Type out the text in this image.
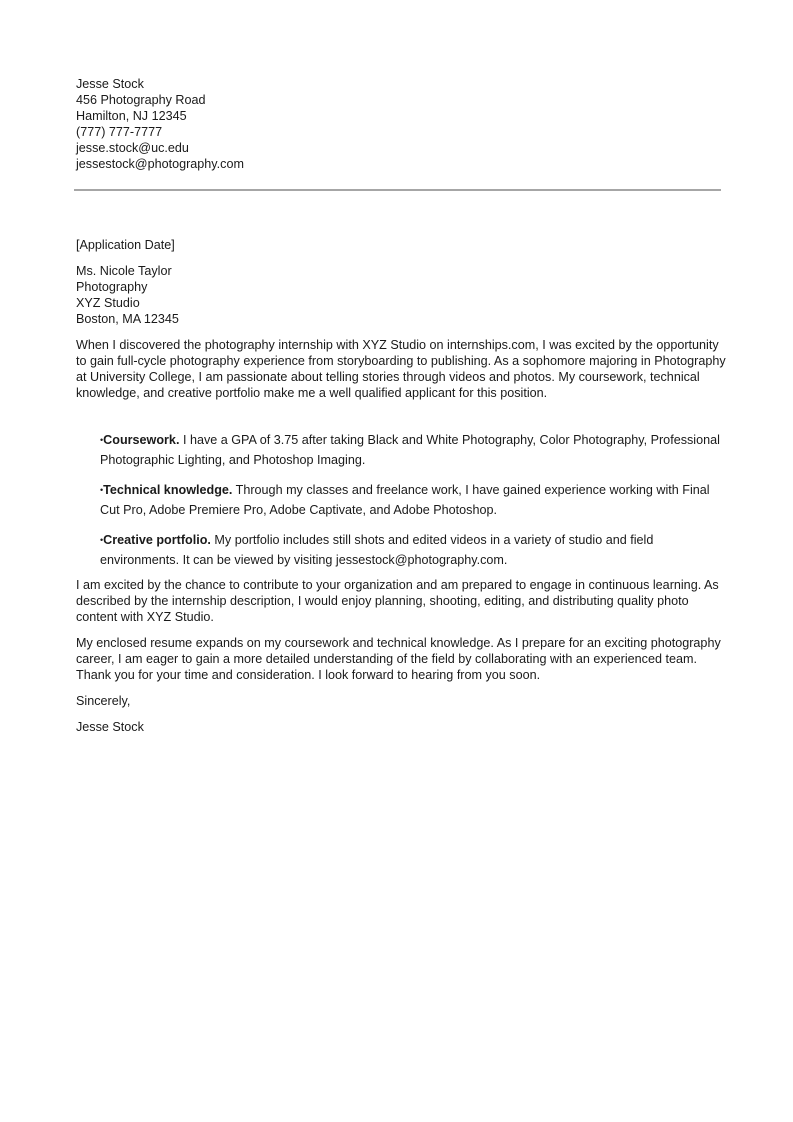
Jesse Stock
456 Photography Road
Hamilton, NJ 12345
(777) 777-7777
jesse.stock@uc.edu
jessestock@photography.com
[Application Date]
Ms. Nicole Taylor
Photography
XYZ Studio
Boston, MA 12345

When I discovered the photography internship with XYZ Studio on internships.com, I was excited by the opportunity to gain full-cycle photography experience from storyboarding to publishing. As a sophomore majoring in Photography at University College, I am passionate about telling stories through videos and photos. My coursework, technical knowledge, and creative portfolio make me a well qualified applicant for this position.

•Coursework. I have a GPA of 3.75 after taking Black and White Photography, Color Photography, Professional Photographic Lighting, and Photoshop Imaging.
•Technical knowledge. Through my classes and freelance work, I have gained experience working with Final Cut Pro, Adobe Premiere Pro, Adobe Captivate, and Adobe Photoshop.
•Creative portfolio. My portfolio includes still shots and edited videos in a variety of studio and field environments. It can be viewed by visiting jessestock@photography.com.

I am excited by the chance to contribute to your organization and am prepared to engage in continuous learning. As described by the internship description, I would enjoy planning, shooting, editing, and distributing quality photo content with XYZ Studio.

My enclosed resume expands on my coursework and technical knowledge. As I prepare for an exciting photography career, I am eager to gain a more detailed understanding of the field by collaborating with an experienced team. Thank you for your time and consideration. I look forward to hearing from you soon.

Sincerely,

Jesse Stock
